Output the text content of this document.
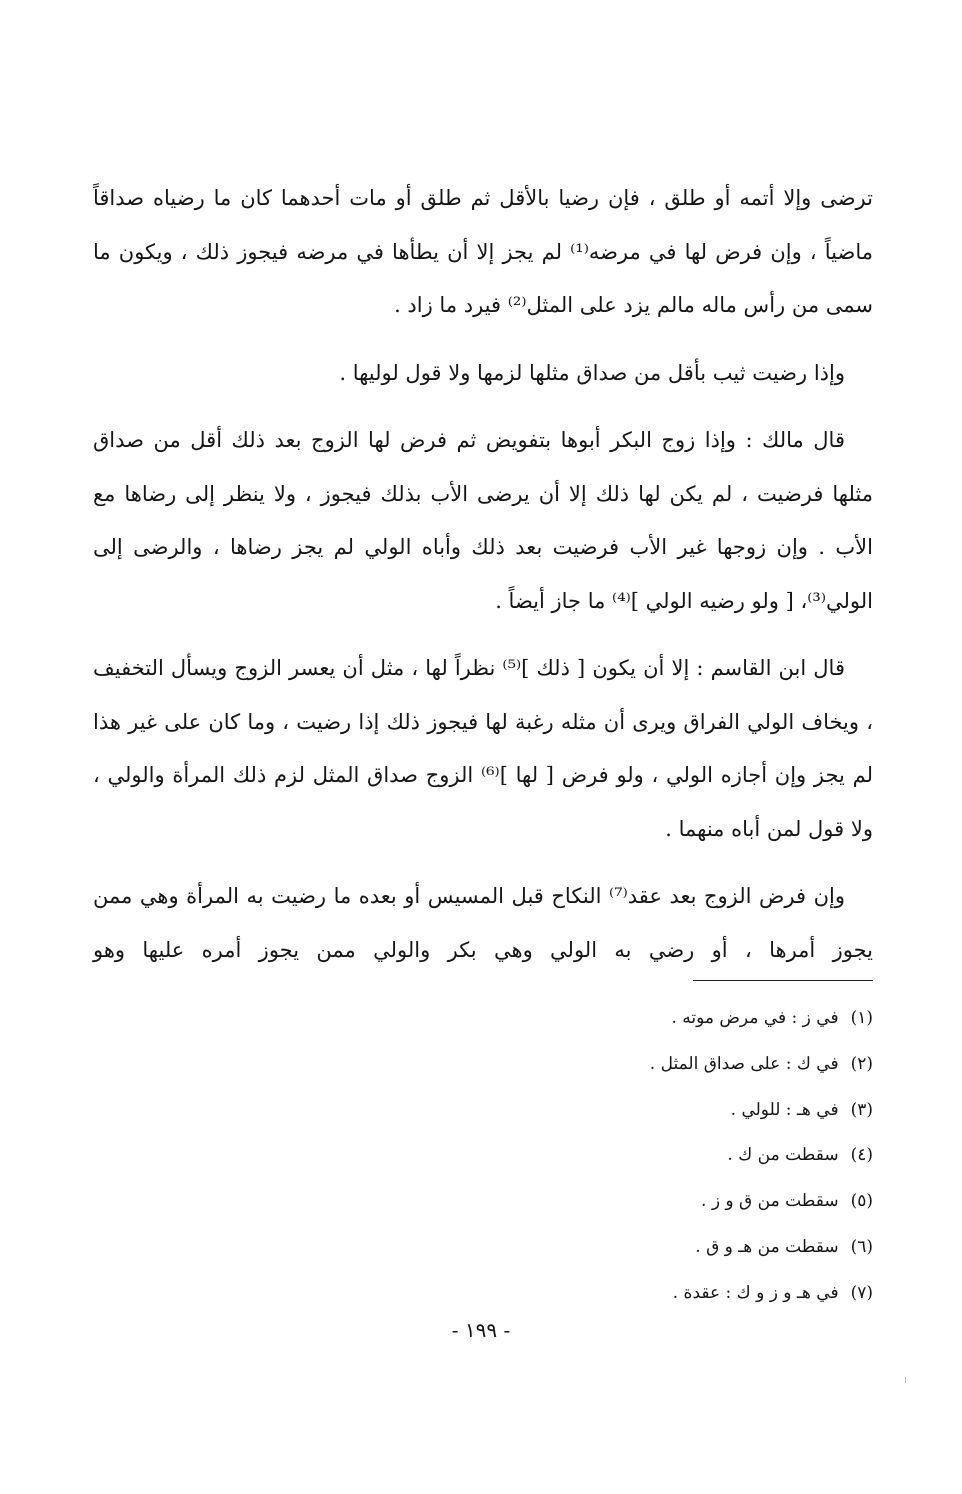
ترضى وإلا أتمه أو طلق ، فإن رضيا بالأقل ثم طلق أو مات أحدهما كان ما رضياه صداقاً ماضياً ، وإن فرض لها في مرضه⁽¹⁾ لم يجز إلا أن يطأها في مرضه فيجوز ذلك ، ويكون ما سمى من رأس ماله مالم يزد على المثل⁽²⁾ فيرد ما زاد .

وإذا رضيت ثيب بأقل من صداق مثلها لزمها ولا قول لوليها .

قال مالك : وإذا زوج البكر أبوها بتفويض ثم فرض لها الزوج بعد ذلك أقل من صداق مثلها فرضيت ، لم يكن لها ذلك إلا أن يرضى الأب بذلك فيجوز ، ولا ينظر إلى رضاها مع الأب . وإن زوجها غير الأب فرضيت بعد ذلك وأباه الولي لم يجز رضاها ، والرضى إلى الولي⁽³⁾، [ ولو رضيه الولي ]⁽⁴⁾ ما جاز أيضاً .

قال ابن القاسم : إلا أن يكون [ ذلك ]⁽⁵⁾ نظراً لها ، مثل أن يعسر الزوج ويسأل التخفيف ، ويخاف الولي الفراق ويرى أن مثله رغبة لها فيجوز ذلك إذا رضيت ، وما كان على غير هذا لم يجز وإن أجازه الولي ، ولو فرض [ لها ]⁽⁶⁾ الزوج صداق المثل لزم ذلك المرأة والولي ، ولا قول لمن أباه منهما .

وإن فرض الزوج بعد عقد⁽⁷⁾ النكاح قبل المسيس أو بعده ما رضيت به المرأة وهي ممن يجوز أمرها ، أو رضي به الولي وهي بكر والولي ممن يجوز أمره عليها وهو

(١)في ز : في مرض موته .
(٢)في ك : على صداق المثل .
(٣)في هـ : للولي .
(٤)سقطت من ك .
(٥)سقطت من ق و ز .
(٦)سقطت من هـ و ق .
(٧)في هـ و ز و ك : عقدة .
- ١٩٩ -
